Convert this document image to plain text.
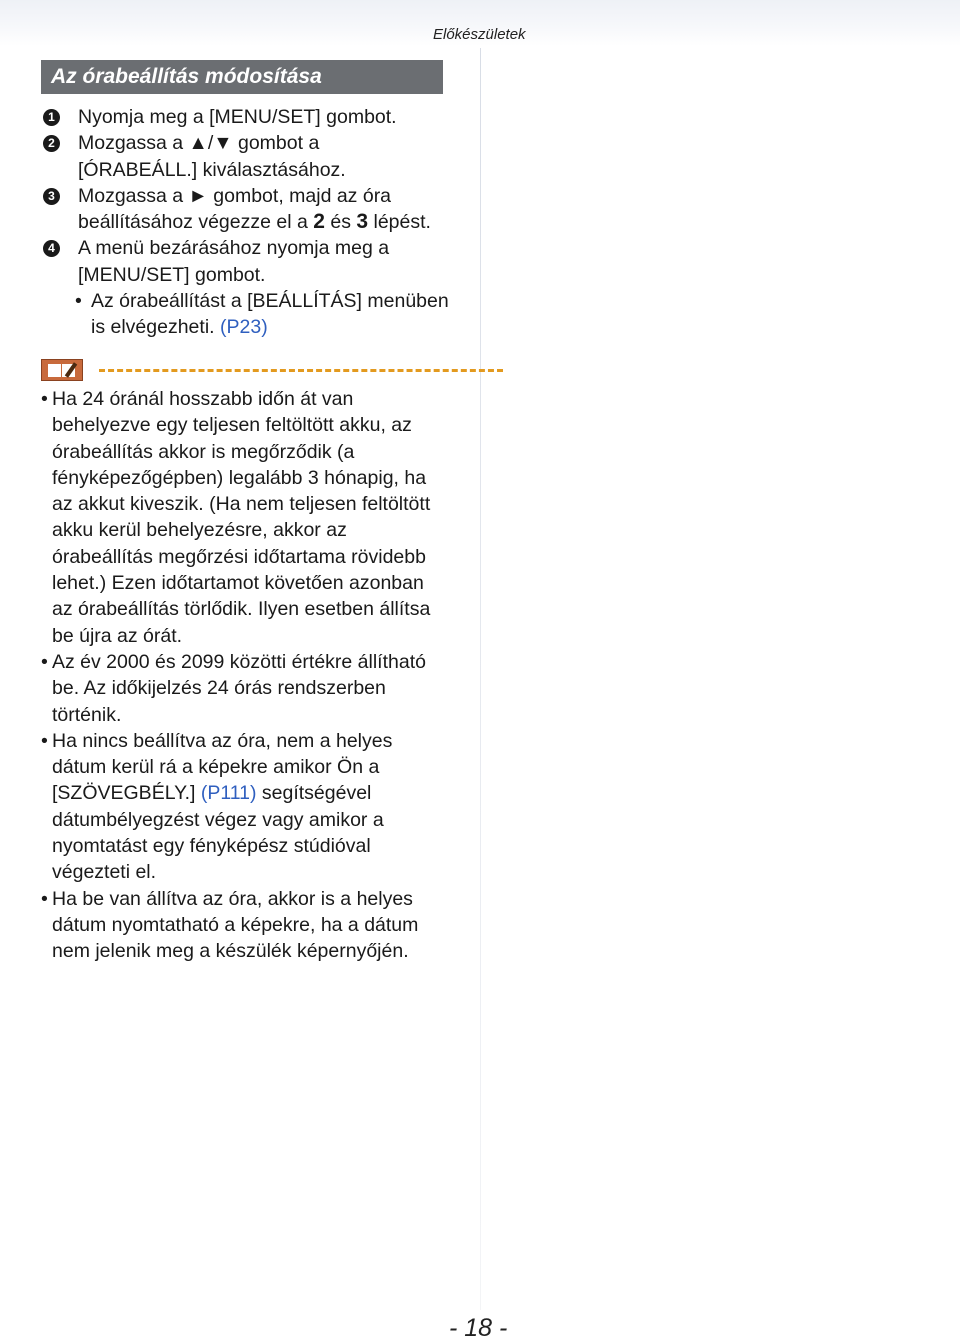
Előkészületek
Az órabeállítás módosítása
1 Nyomja meg a [MENU/SET] gombot.
2 Mozgassa a ▲/▼ gombot a
[ÓRABEÁLL.] kiválasztásához.
3 Mozgassa a ► gombot, majd az óra
beállításához végezze el a 2 és 3 lépést.
4 A menü bezárásához nyomja meg a
[MENU/SET] gombot.
• Az órabeállítást a [BEÁLLÍTÁS] menüben
is elvégezheti. (P23)
• Ha 24 óránál hosszabb időn át van
behelyezve egy teljesen feltöltött akku, az
órabeállítás akkor is megőrződik (a
fényképezőgépben) legalább 3 hónapig, ha
az akkut kiveszik. (Ha nem teljesen feltöltött
akku kerül behelyezésre, akkor az
órabeállítás megőrzési időtartama rövidebb
lehet.) Ezen időtartamot követően azonban
az órabeállítás törlődik. Ilyen esetben állítsa
be újra az órát.
• Az év 2000 és 2099 közötti értékre állítható
be. Az időkijelzés 24 órás rendszerben
történik.
• Ha nincs beállítva az óra, nem a helyes
dátum kerül rá a képekre amikor Ön a
[SZÖVEGBÉLY.] (P111) segítségével
dátumbélyegzést végez vagy amikor a
nyomtatást egy fényképész stúdióval
végezteti el.
• Ha be van állítva az óra, akkor is a helyes
dátum nyomtatható a képekre, ha a dátum
nem jelenik meg a készülék képernyőjén.
- 18 -
